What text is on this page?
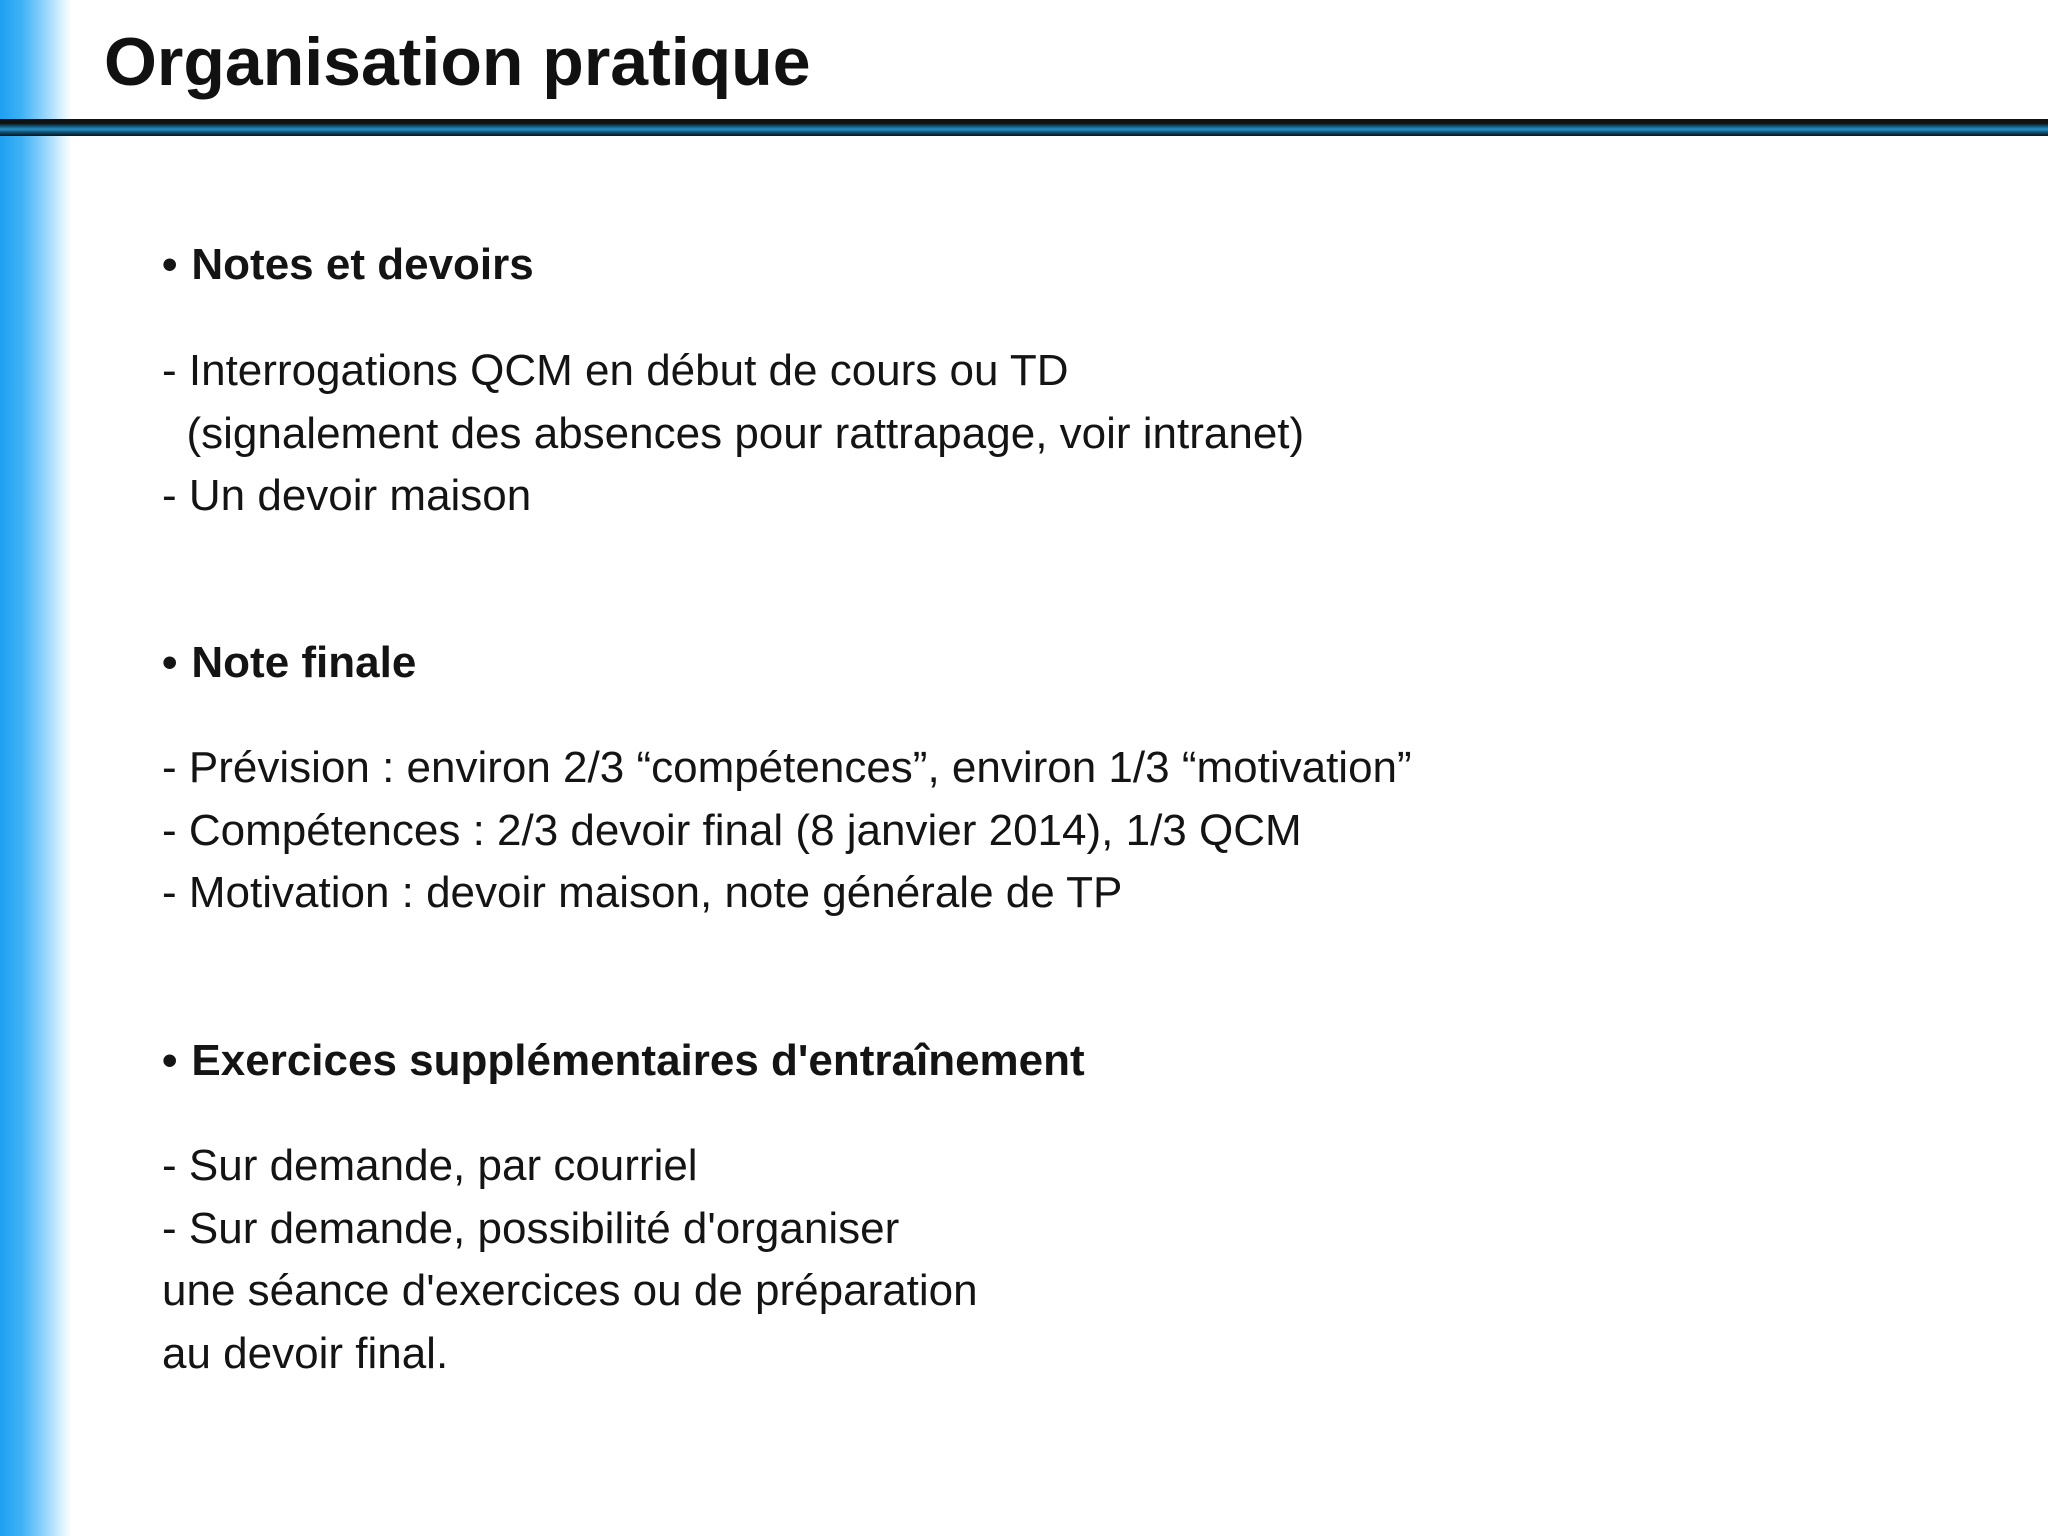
Organisation pratique
• Notes et devoirs
- Interrogations QCM en début de cours ou TD
(signalement des absences pour rattrapage, voir intranet)
- Un devoir maison
• Note finale
- Prévision : environ 2/3 “compétences”, environ 1/3 “motivation”
- Compétences : 2/3 devoir final (8 janvier 2014), 1/3 QCM
- Motivation : devoir maison, note générale de TP
• Exercices supplémentaires d'entraînement
- Sur demande, par courriel
- Sur demande, possibilité d'organiser
une séance d'exercices ou de préparation
au devoir final.
